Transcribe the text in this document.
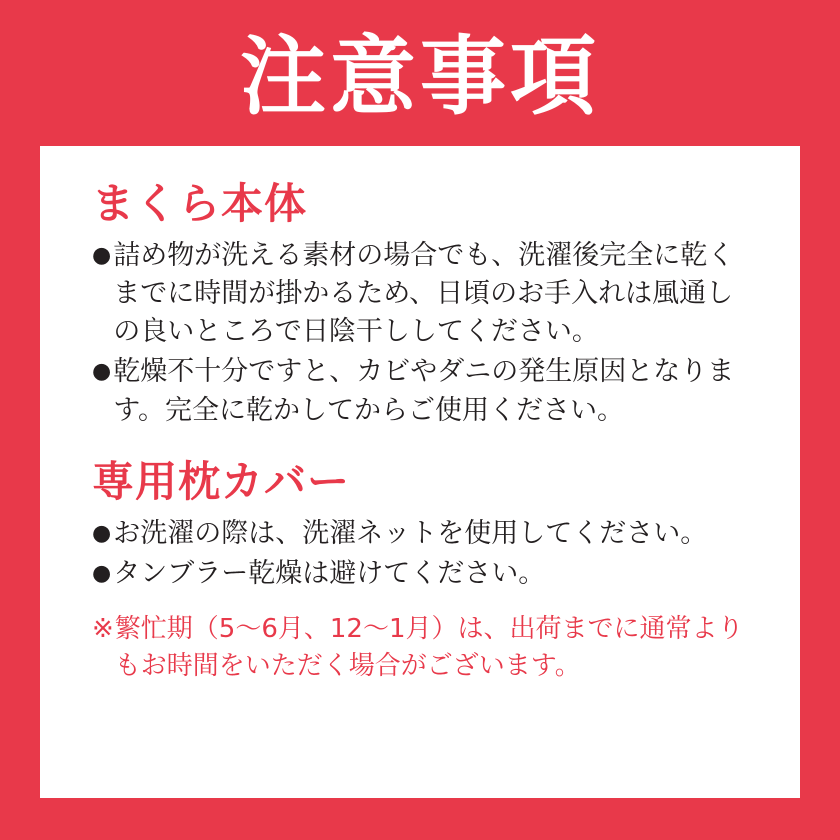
注意事項
まくら本体
● 詰め物が洗える素材の場合でも、洗濯後完全に乾くまでに時間が掛かるため、日頃のお手入れは風通しの良いところで日陰干ししてください。
● 乾燥不十分ですと、カビやダニの発生原因となります。完全に乾かしてからご使用ください。
専用枕カバー
● お洗濯の際は、洗濯ネットを使用してください。
● タンブラー乾燥は避けてください。
※ 繁忙期（5〜6月、12〜1月）は、出荷までに通常よりもお時間をいただく場合がございます。
